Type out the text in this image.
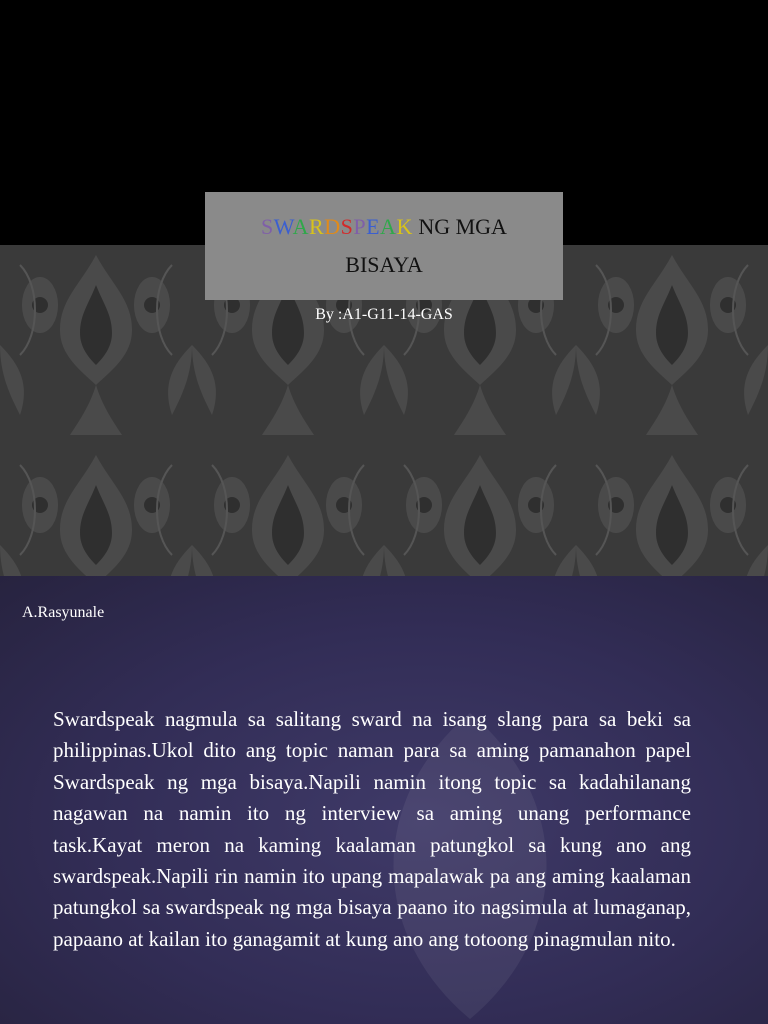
SWARDSPEAK NG MGA
BISAYA
By :A1-G11-14-GAS
A.Rasyunale

Swardspeak nagmula sa salitang sward na isang slang para sa beki sa philippinas.Ukol dito ang topic naman para sa aming pamanahon papel Swardspeak ng mga bisaya.Napili namin itong topic sa kadahilanang nagawan na namin ito ng interview sa aming unang performance task.Kayat meron na kaming kaalaman patungkol sa kung ano ang swardspeak.Napili rin namin ito upang mapalawak pa ang aming kaalaman patungkol sa swardspeak ng mga bisaya paano ito nagsimula at lumaganap, papaano at kailan ito ganagamit at kung ano ang totoong pinagmulan nito.
